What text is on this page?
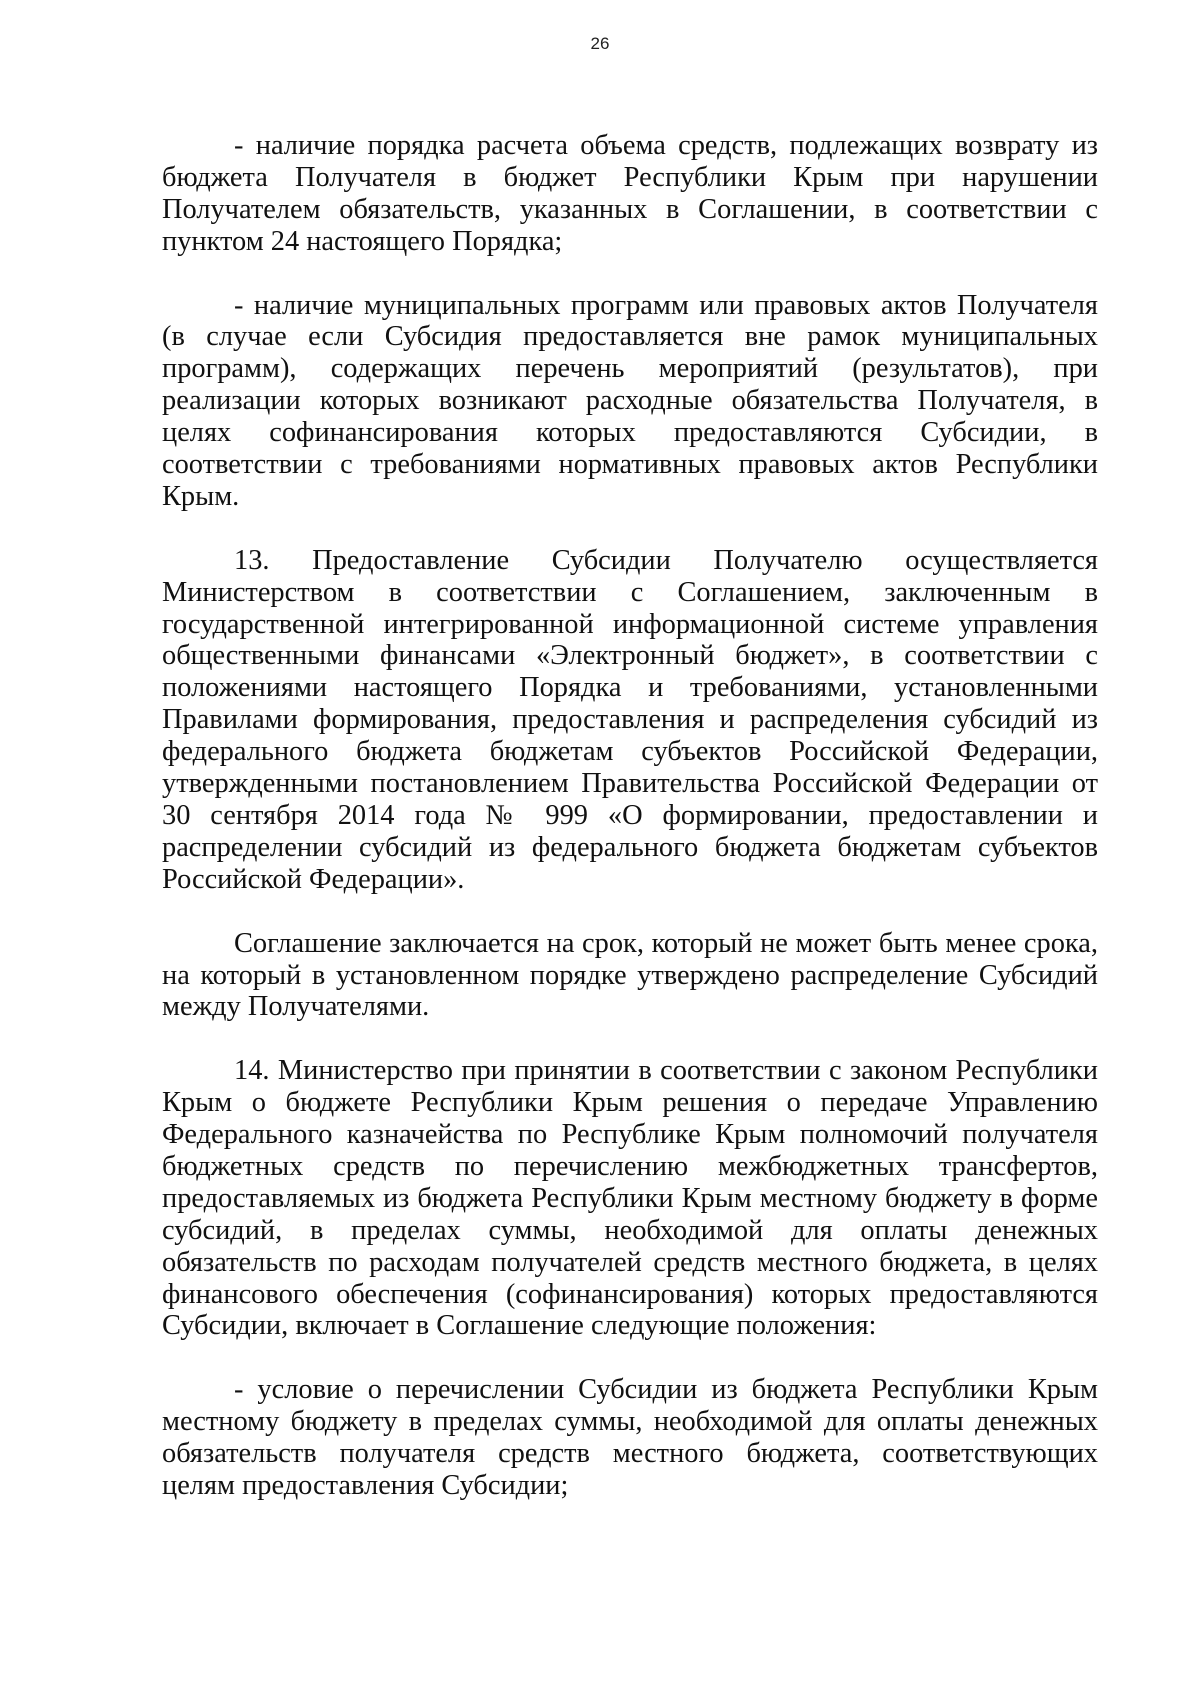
26

- наличие порядка расчета объема средств, подлежащих возврату из бюджета Получателя в бюджет Республики Крым при нарушении Получателем обязательств, указанных в Соглашении, в соответствии с пунктом 24 настоящего Порядка;

- наличие муниципальных программ или правовых актов Получателя (в случае если Субсидия предоставляется вне рамок муниципальных программ), содержащих перечень мероприятий (результатов), при реализации которых возникают расходные обязательства Получателя, в целях софинансирования которых предоставляются Субсидии, в соответствии с требованиями нормативных правовых актов Республики Крым.

13. Предоставление Субсидии Получателю осуществляется Министерством в соответствии с Соглашением, заключенным в государственной интегрированной информационной системе управления общественными финансами «Электронный бюджет», в соответствии с положениями настоящего Порядка и требованиями, установленными Правилами формирования, предоставления и распределения субсидий из федерального бюджета бюджетам субъектов Российской Федерации, утвержденными постановлением Правительства Российской Федерации от 30 сентября 2014 года № 999 «О формировании, предоставлении и распределении субсидий из федерального бюджета бюджетам субъектов Российской Федерации».

Соглашение заключается на срок, который не может быть менее срока, на который в установленном порядке утверждено распределение Субсидий между Получателями.

14. Министерство при принятии в соответствии с законом Республики Крым о бюджете Республики Крым решения о передаче Управлению Федерального казначейства по Республике Крым полномочий получателя бюджетных средств по перечислению межбюджетных трансфертов, предоставляемых из бюджета Республики Крым местному бюджету в форме субсидий, в пределах суммы, необходимой для оплаты денежных обязательств по расходам получателей средств местного бюджета, в целях финансового обеспечения (софинансирования) которых предоставляются Субсидии, включает в Соглашение следующие положения:

- условие о перечислении Субсидии из бюджета Республики Крым местному бюджету в пределах суммы, необходимой для оплаты денежных обязательств получателя средств местного бюджета, соответствующих целям предоставления Субсидии;
